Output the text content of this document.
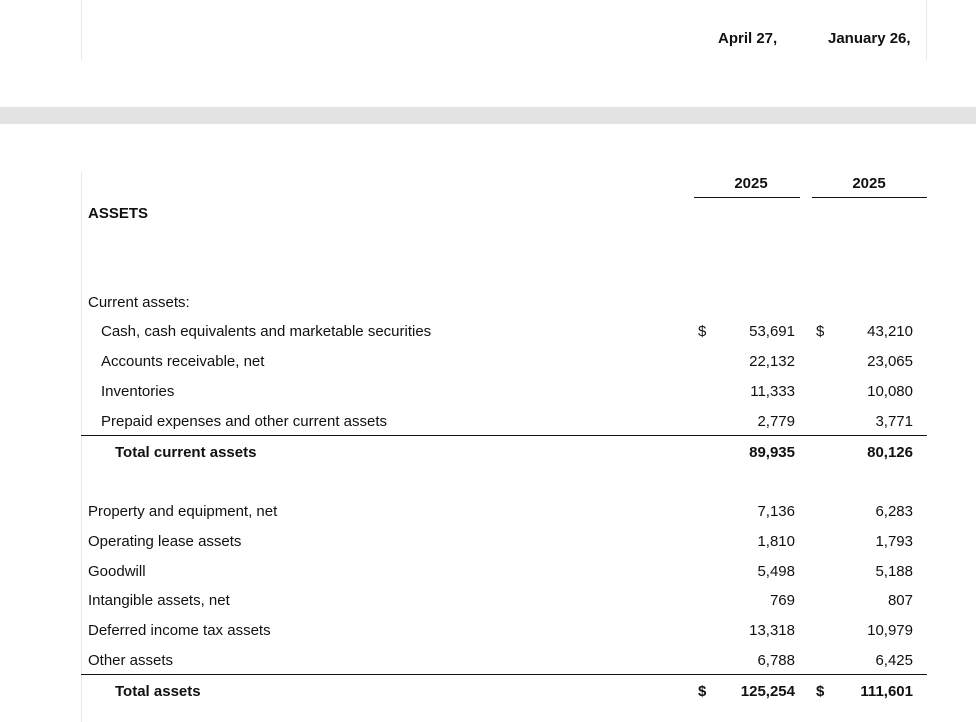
April 27,	January 26,
2025	2025
ASSETS
Current assets:
Cash, cash equivalents and marketable securities	$	53,691 $	43,210
Accounts receivable, net	22,132	23,065
Inventories	11,333	10,080
Prepaid expenses and other current assets	2,779	3,771
Total current assets	89,935	80,126
Property and equipment, net	7,136	6,283
Operating lease assets	1,810	1,793
Goodwill	5,498	5,188
Intangible assets, net	769	807
Deferred income tax assets	13,318	10,979
Other assets	6,788	6,425
Total assets	$	125,254 $	111,601
